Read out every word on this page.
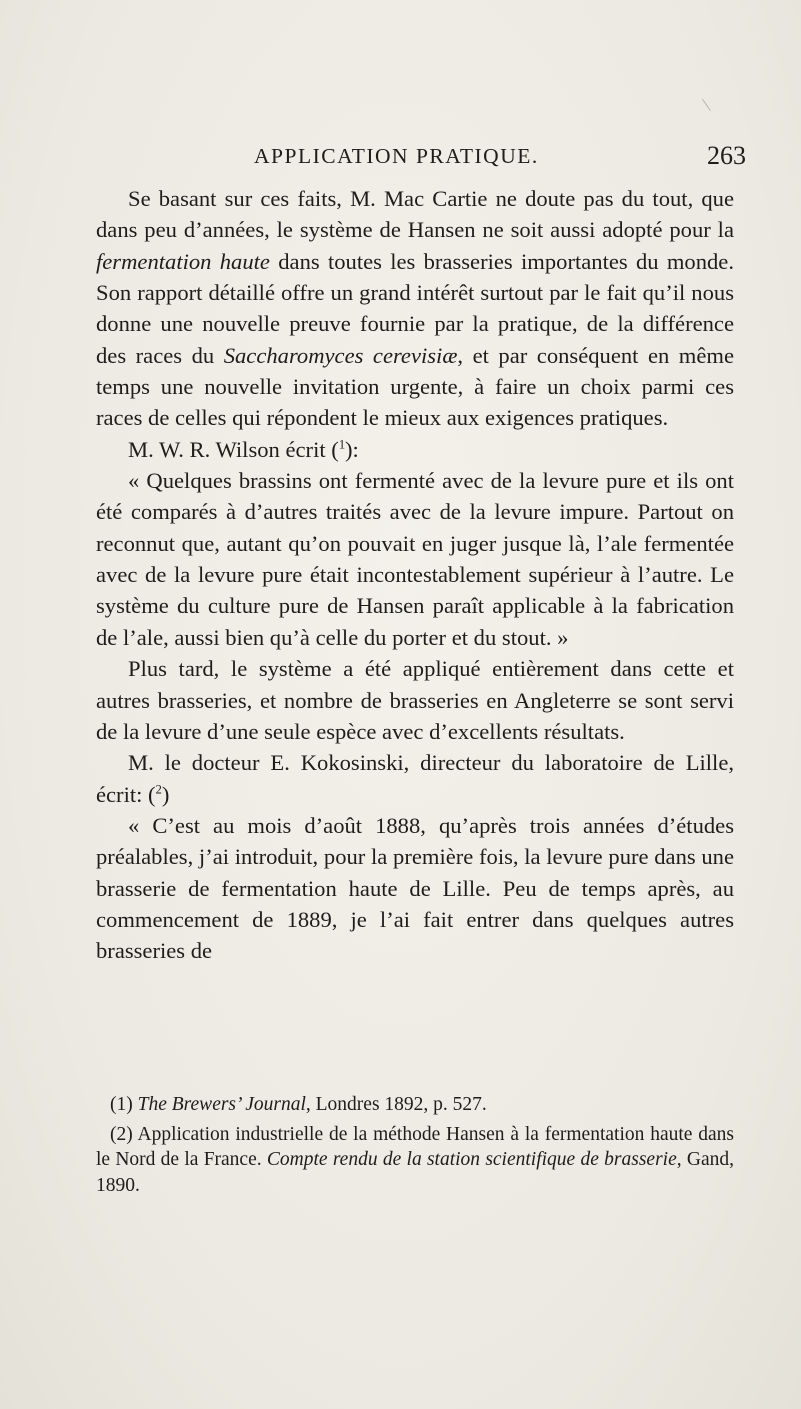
APPLICATION PRATIQUE.	263

Se basant sur ces faits, M. Mac Cartie ne doute pas du tout, que dans peu d’années, le système de Hansen ne soit aussi adopté pour la fermentation haute dans toutes les brasseries importantes du monde. Son rapport détaillé offre un grand intérêt surtout par le fait qu’il nous donne une nouvelle preuve fournie par la pratique, de la différence des races du Saccharomyces cerevisiæ, et par conséquent en même temps une nouvelle invitation urgente, à faire un choix parmi ces races de celles qui répondent le mieux aux exigences pratiques.

M. W. R. Wilson écrit ($^1$):

« Quelques brassins ont fermenté avec de la levure pure et ils ont été comparés à d’autres traités avec de la levure impure. Partout on reconnut que, autant qu’on pouvait en juger jusque là, l’ale fermentée avec de la levure pure était incontestablement supérieur à l’autre. Le système du culture pure de Hansen paraît applicable à la fabrication de l’ale, aussi bien qu’à celle du porter et du stout. »

Plus tard, le système a été appliqué entièrement dans cette et autres brasseries, et nombre de brasseries en Angleterre se sont servi de la levure d’une seule espèce avec d’excellents résultats.

M. le docteur E. Kokosinski, directeur du laboratoire de Lille, écrit: ($^2$)

« C’est au mois d’août 1888, qu’après trois années d’études préalables, j’ai introduit, pour la première fois, la levure pure dans une brasserie de fermentation haute de Lille. Peu de temps après, au commencement de 1889, je l’ai fait entrer dans quelques autres brasseries de

(1) The Brewers’ Journal, Londres 1892, p. 527.

(2) Application industrielle de la méthode Hansen à la fermentation haute dans le Nord de la France. Compte rendu de la station scientifique de brasserie, Gand, 1890.
